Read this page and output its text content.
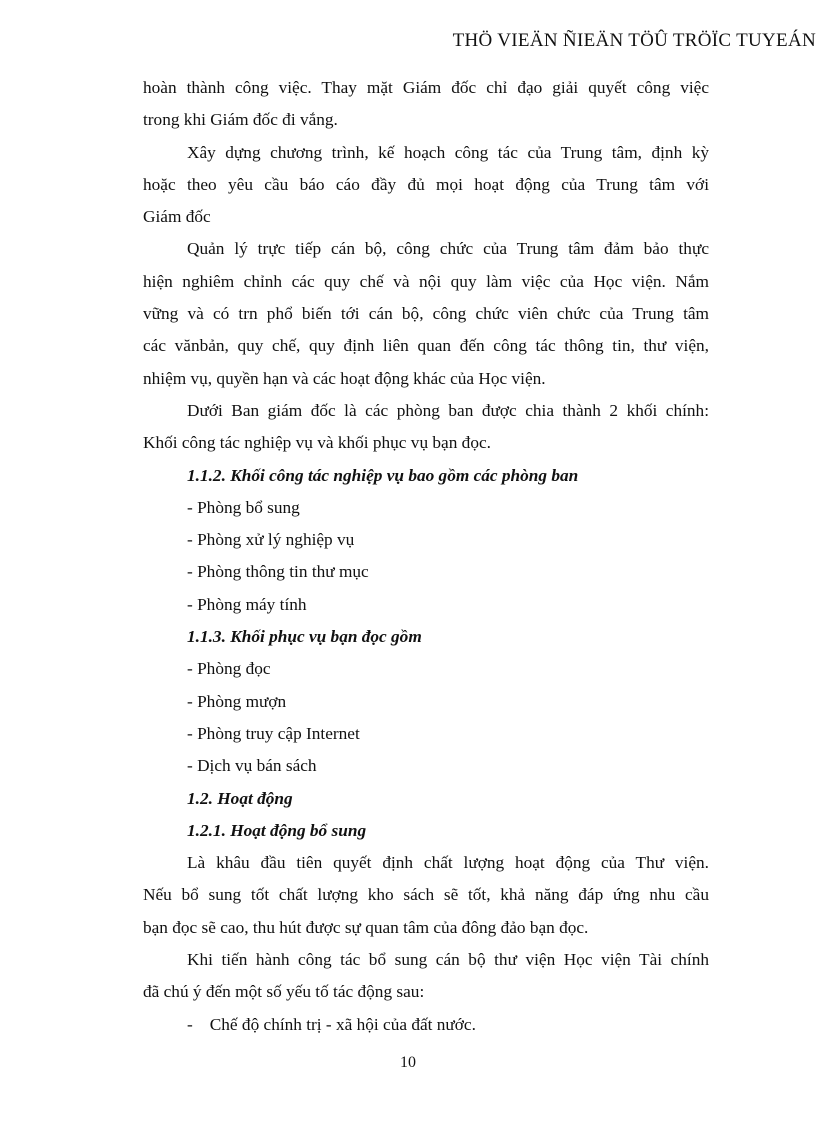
THÖ VIEÄN ÑIEÄN TÖÛ TRÖÏC TUYEÁN
hoàn thành công việc. Thay mặt Giám đốc chỉ đạo giải quyết công việc
trong khi Giám đốc đi vắng.
Xây dựng chương trình, kế hoạch công tác của Trung tâm, định kỳ
hoặc theo yêu cầu báo cáo đầy đủ mọi hoạt động của Trung tâm với
Giám đốc
Quản lý trực tiếp cán bộ, công chức của Trung tâm đảm bảo thực
hiện nghiêm chỉnh các quy chế và nội quy làm việc của Học viện. Nắm
vững và có trn phổ biến tới cán bộ, công chức viên chức của Trung tâm
các vănbản, quy chế, quy định liên quan đến công tác thông tin, thư viện,
nhiệm vụ, quyền hạn và các hoạt động khác của Học viện.
Dưới Ban giám đốc là các phòng ban được chia thành 2 khối chính:
Khối công tác nghiệp vụ và khối phục vụ bạn đọc.
1.1.2. Khối công tác nghiệp vụ bao gồm các phòng ban
- Phòng bổ sung
- Phòng xử lý nghiệp vụ
- Phòng thông tin thư mục
- Phòng máy tính
1.1.3. Khối phục vụ bạn đọc gồm
- Phòng đọc
- Phòng mượn
- Phòng truy cập Internet
- Dịch vụ bán sách
1.2. Hoạt động
1.2.1. Hoạt động bổ sung
Là khâu đầu tiên quyết định chất lượng hoạt động của Thư viện.
Nếu bổ sung tốt chất lượng kho sách sẽ tốt, khả năng đáp ứng nhu cầu
bạn đọc sẽ cao, thu hút được sự quan tâm của đông đảo bạn đọc.
Khi tiến hành công tác bổ sung cán bộ thư viện Học viện Tài chính
đã chú ý đến một số yếu tố tác động sau:
- Chế độ chính trị - xã hội của đất nước.
10
